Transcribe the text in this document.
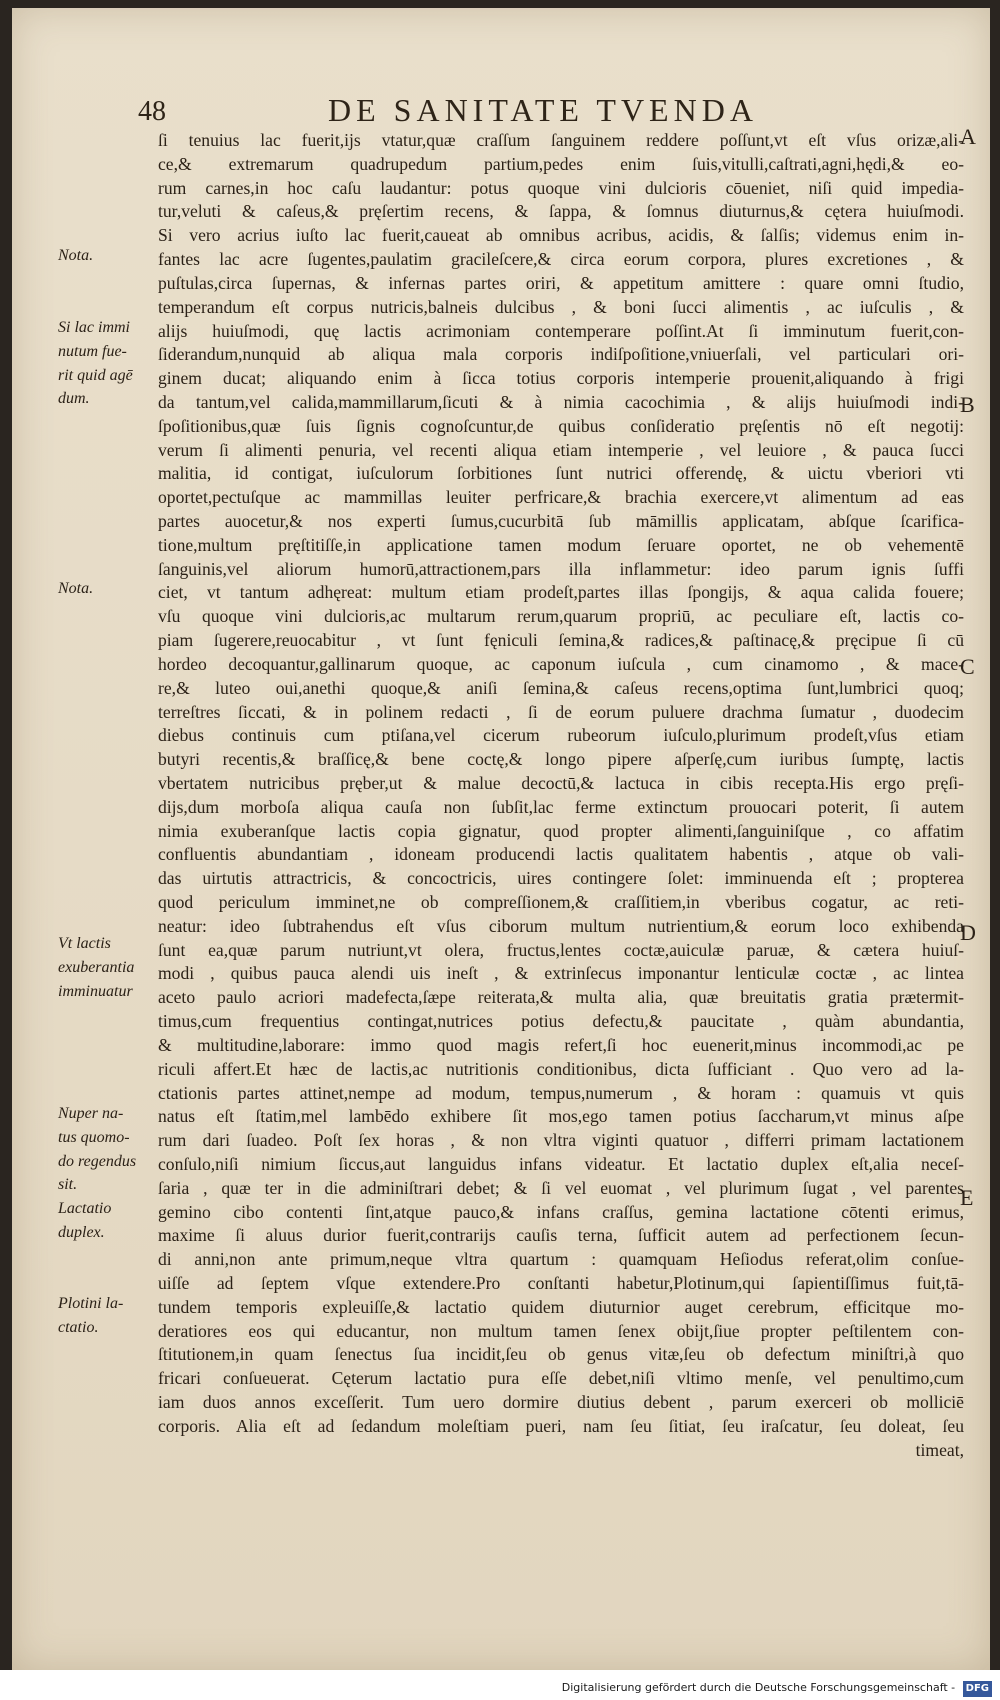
48	DE SANITATE TVENDA
ſi tenuius lac fuerit,ijs vtatur,quæ craſſum ſanguinem reddere poſſunt,vt eſt vſus orizæ,ali-
ce,& extremarum quadrupedum partium,pedes enim ſuis,vitulli,caſtrati,agni,hędi,& eo-
rum carnes,in hoc caſu laudantur: potus quoque vini dulcioris cōueniet, niſi quid impedia-
tur,veluti & caſeus,& pręſertim recens, & ſappa, & ſomnus diuturnus,& cętera huiuſmodi.
Si vero acrius iuſto lac fuerit,caueat ab omnibus acribus, acidis, & ſalſis; videmus enim in-
fantes lac acre ſugentes,paulatim gracileſcere,& circa eorum corpora, plures excretiones , &
puſtulas,circa ſupernas, & infernas partes oriri, & appetitum amittere : quare omni ſtudio,
temperandum eſt corpus nutricis,balneis dulcibus , & boni ſucci alimentis , ac iuſculis , &
alijs huiuſmodi, quę lactis acrimoniam contemperare poſſint.At ſi imminutum fuerit,con-
ſiderandum,nunquid ab aliqua mala corporis indiſpoſitione,vniuerſali, vel particulari ori-
ginem ducat; aliquando enim à ſicca totius corporis intemperie prouenit,aliquando à frigi
da tantum,vel calida,mammillarum,ſicuti & à nimia cacochimia , & alijs huiuſmodi indi-
ſpoſitionibus,quæ ſuis ſignis cognoſcuntur,de quibus conſideratio pręſentis nō eſt negotij:
verum ſi alimenti penuria, vel recenti aliqua etiam intemperie , vel leuiore , & pauca ſucci
malitia, id contigat, iuſculorum ſorbitiones ſunt nutrici offerendę, & uictu vberiori vti
oportet,pectuſque ac mammillas leuiter perfricare,& brachia exercere,vt alimentum ad eas
partes auocetur,& nos experti ſumus,cucurbitā ſub māmillis applicatam, abſque ſcarifica-
tione,multum pręſtitiſſe,in applicatione tamen modum ſeruare oportet, ne ob vehementē
ſanguinis,vel aliorum humorū,attractionem,pars illa inflammetur: ideo parum ignis ſuffi
ciet, vt tantum adhęreat: multum etiam prodeſt,partes illas ſpongijs, & aqua calida fouere;
vſu quoque vini dulcioris,ac multarum rerum,quarum propriū, ac peculiare eſt, lactis co-
piam ſugerere,reuocabitur , vt ſunt fęniculi ſemina,& radices,& paſtinacę,& pręcipue ſi cū
hordeo decoquantur,gallinarum quoque, ac caponum iuſcula , cum cinamomo , & mace-
re,& luteo oui,anethi quoque,& aniſi ſemina,& caſeus recens,optima ſunt,lumbrici quoq;
terreſtres ſiccati, & in polinem redacti , ſi de eorum puluere drachma ſumatur , duodecim
diebus continuis cum ptiſana,vel cicerum rubeorum iuſculo,plurimum prodeſt,vſus etiam
butyri recentis,& braſſicę,& bene coctę,& longo pipere aſperſę,cum iuribus ſumptę, lactis
vbertatem nutricibus pręber,ut & malue decoctū,& lactuca in cibis recepta.His ergo pręſi-
dijs,dum morboſa aliqua cauſa non ſubſit,lac ferme extinctum prouocari poterit, ſi autem
nimia exuberanſque lactis copia gignatur, quod propter alimenti,ſanguiniſque , co affatim
confluentis abundantiam , idoneam producendi lactis qualitatem habentis , atque ob vali-
das uirtutis attractricis, & concoctricis, uires contingere ſolet: imminuenda eſt ; propterea
quod periculum imminet,ne ob compreſſionem,& craſſitiem,in vberibus cogatur, ac reti-
neatur: ideo ſubtrahendus eſt vſus ciborum multum nutrientium,& eorum loco exhibenda
ſunt ea,quæ parum nutriunt,vt olera, fructus,lentes coctæ,auiculæ paruæ, & cætera huiuſ-
modi , quibus pauca alendi uis ineſt , & extrinſecus imponantur lenticulæ coctæ , ac lintea
aceto paulo acriori madefecta,ſæpe reiterata,& multa alia, quæ breuitatis gratia prætermit-
timus,cum frequentius contingat,nutrices potius defectu,& paucitate , quàm abundantia,
& multitudine,laborare: immo quod magis refert,ſi hoc euenerit,minus incommodi,ac pe
riculi affert.Et hæc de lactis,ac nutritionis conditionibus, dicta ſufficiant . Quo vero ad la-
ctationis partes attinet,nempe ad modum, tempus,numerum , & horam : quamuis vt quis
natus eſt ſtatim,mel lambēdo exhibere ſit mos,ego tamen potius ſaccharum,vt minus aſpe
rum dari ſuadeo. Poſt ſex horas , & non vltra viginti quatuor , differri primam lactationem
conſulo,niſi nimium ſiccus,aut languidus infans videatur. Et lactatio duplex eſt,alia neceſ-
ſaria , quæ ter in die adminiſtrari debet; & ſi vel euomat , vel plurimum ſugat , vel parentes
gemino cibo contenti ſint,atque pauco,& infans craſſus, gemina lactatione cōtenti erimus,
maxime ſi aluus durior fuerit,contrarijs cauſis terna, ſufficit autem ad perfectionem ſecun-
di anni,non ante primum,neque vltra quartum : quamquam Heſiodus referat,olim conſue-
uiſſe ad ſeptem vſque extendere.Pro conſtanti habetur,Plotinum,qui ſapientiſſimus fuit,tā-
tundem temporis expleuiſſe,& lactatio quidem diuturnior auget cerebrum, efficitque mo-
deratiores eos qui educantur, non multum tamen ſenex obijt,ſiue propter peſtilentem con-
ſtitutionem,in quam ſenectus ſua incidit,ſeu ob genus vitæ,ſeu ob defectum miniſtri,à quo
fricari conſueuerat. Cęterum lactatio pura eſſe debet,niſi vltimo menſe, vel penultimo,cum
iam duos annos exceſſerit. Tum uero dormire diutius debent , parum exerceri ob molliciē
corporis. Alia eſt ad ſedandum moleſtiam pueri, nam ſeu ſitiat, ſeu iraſcatur, ſeu doleat, ſeu
timeat,
Nota.
Si lac immi
nutum fue-
rit quid agē
dum.
Nota.
Vt lactis
exuberantia
imminuatur
Nuper na-
tus quomo-
do regendus
sit.
Lactatio
duplex.
Plotini la-
ctatio.
A
B
C
D
E
Digitalisierung gefördert durch die Deutsche Forschungsgemeinschaft - DFG
